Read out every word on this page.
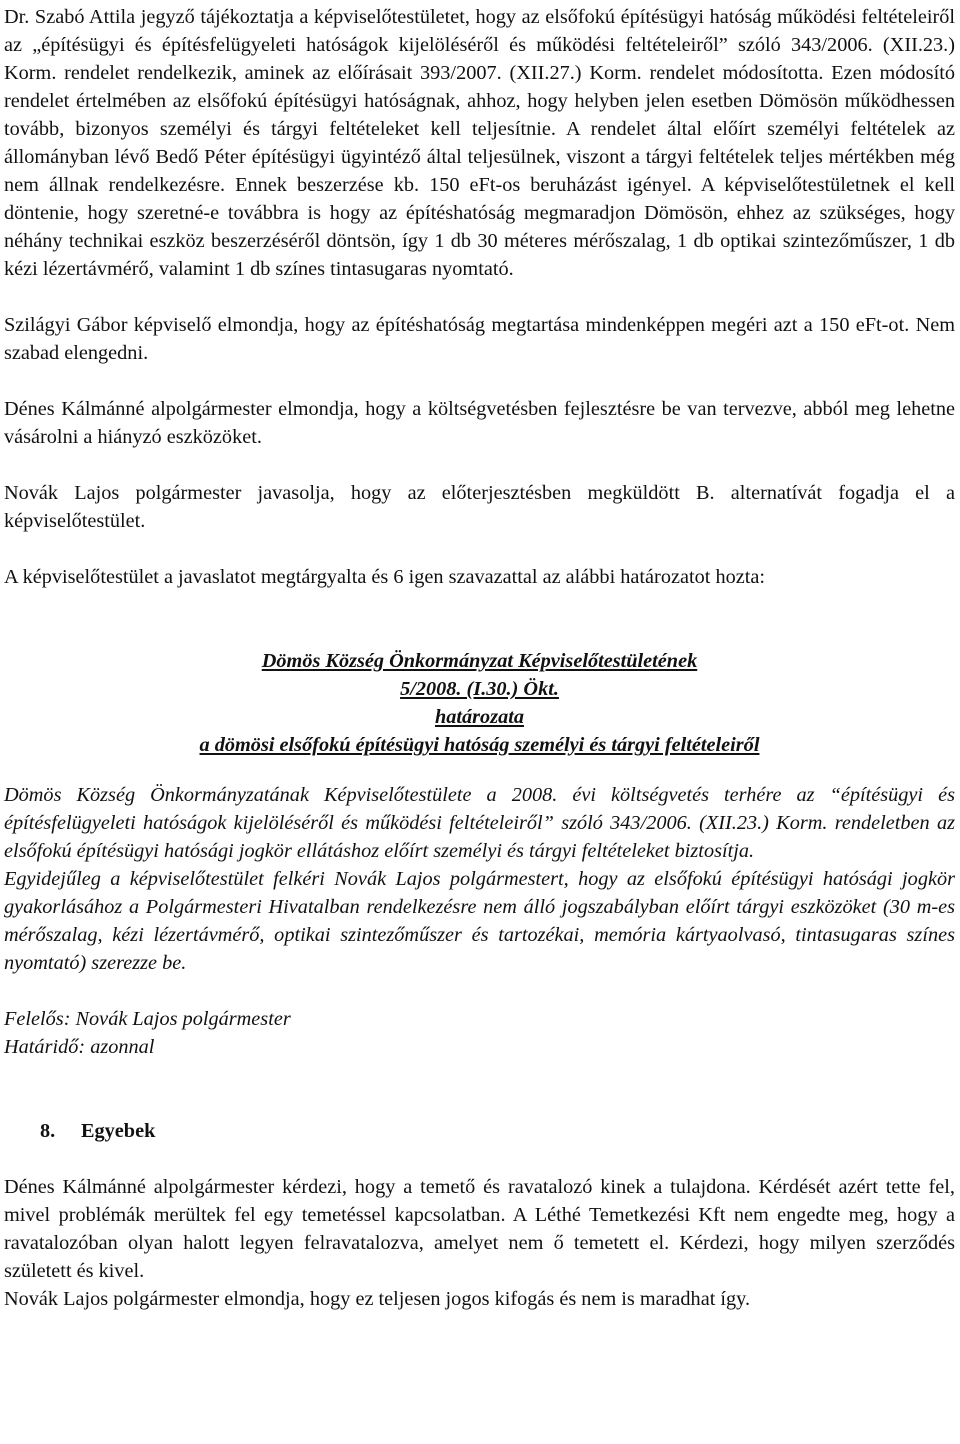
Dr. Szabó Attila jegyző tájékoztatja a képviselőtestületet, hogy az elsőfokú építésügyi hatóság működési feltételeiről az „építésügyi és építésfelügyeleti hatóságok kijelöléséről és működési feltételeiről” szóló 343/2006. (XII.23.) Korm. rendelet rendelkezik, aminek az előírásait 393/2007. (XII.27.) Korm. rendelet módosította. Ezen módosító rendelet értelmében az elsőfokú építésügyi hatóságnak, ahhoz, hogy helyben jelen esetben Dömösön működhessen tovább, bizonyos személyi és tárgyi feltételeket kell teljesítnie. A rendelet által előírt személyi feltételek az állományban lévő Bedő Péter építésügyi ügyintéző által teljesülnek, viszont a tárgyi feltételek teljes mértékben még nem állnak rendelkezésre. Ennek beszerzése kb. 150 eFt-os beruházást igényel. A képviselőtestületnek el kell döntenie, hogy szeretné-e továbbra is hogy az építéshatóság megmaradjon Dömösön, ehhez az szükséges, hogy néhány technikai eszköz beszerzéséről döntsön, így 1 db 30 méteres mérőszalag, 1 db optikai szintezőműszer, 1 db kézi lézertávmérő, valamint 1 db színes tintasugaras nyomtató.

Szilágyi Gábor képviselő elmondja, hogy az építéshatóság megtartása mindenképpen megéri azt a 150 eFt-ot. Nem szabad elengedni.

Dénes Kálmánné alpolgármester elmondja, hogy a költségvetésben fejlesztésre be van tervezve, abból meg lehetne vásárolni a hiányzó eszközöket.

Novák Lajos polgármester javasolja, hogy az előterjesztésben megküldött B. alternatívát fogadja el a képviselőtestület.

A képviselőtestület a javaslatot megtárgyalta és 6 igen szavazattal az alábbi határozatot hozta:

Dömös Község Önkormányzat Képviselőtestületének
5/2008. (I.30.) Ökt.
határozata
a dömösi elsőfokú építésügyi hatóság személyi és tárgyi feltételeiről

Dömös Község Önkormányzatának Képviselőtestülete a 2008. évi költségvetés terhére az “építésügyi és építésfelügyeleti hatóságok kijelöléséről és működési feltételeiről” szóló 343/2006. (XII.23.) Korm. rendeletben az elsőfokú építésügyi hatósági jogkör ellátáshoz előírt személyi és tárgyi feltételeket biztosítja.

Egyidejűleg a képviselőtestület felkéri Novák Lajos polgármestert, hogy az elsőfokú építésügyi hatósági jogkör gyakorlásához a Polgármesteri Hivatalban rendelkezésre nem álló jogszabályban előírt tárgyi eszközöket (30 m-es mérőszalag, kézi lézertávmérő, optikai szintezőműszer és tartozékai, memória kártyaolvasó, tintasugaras színes nyomtató) szerezze be.

Felelős: Novák Lajos polgármester

Határidő: azonnal

8. Egyebek

Dénes Kálmánné alpolgármester kérdezi, hogy a temető és ravatalozó kinek a tulajdona. Kérdését azért tette fel, mivel problémák merültek fel egy temetéssel kapcsolatban. A Léthé Temetkezési Kft nem engedte meg, hogy a ravatalozóban olyan halott legyen felravatalozva, amelyet nem ő temetett el. Kérdezi, hogy milyen szerződés született és kivel.

Novák Lajos polgármester elmondja, hogy ez teljesen jogos kifogás és nem is maradhat így.
